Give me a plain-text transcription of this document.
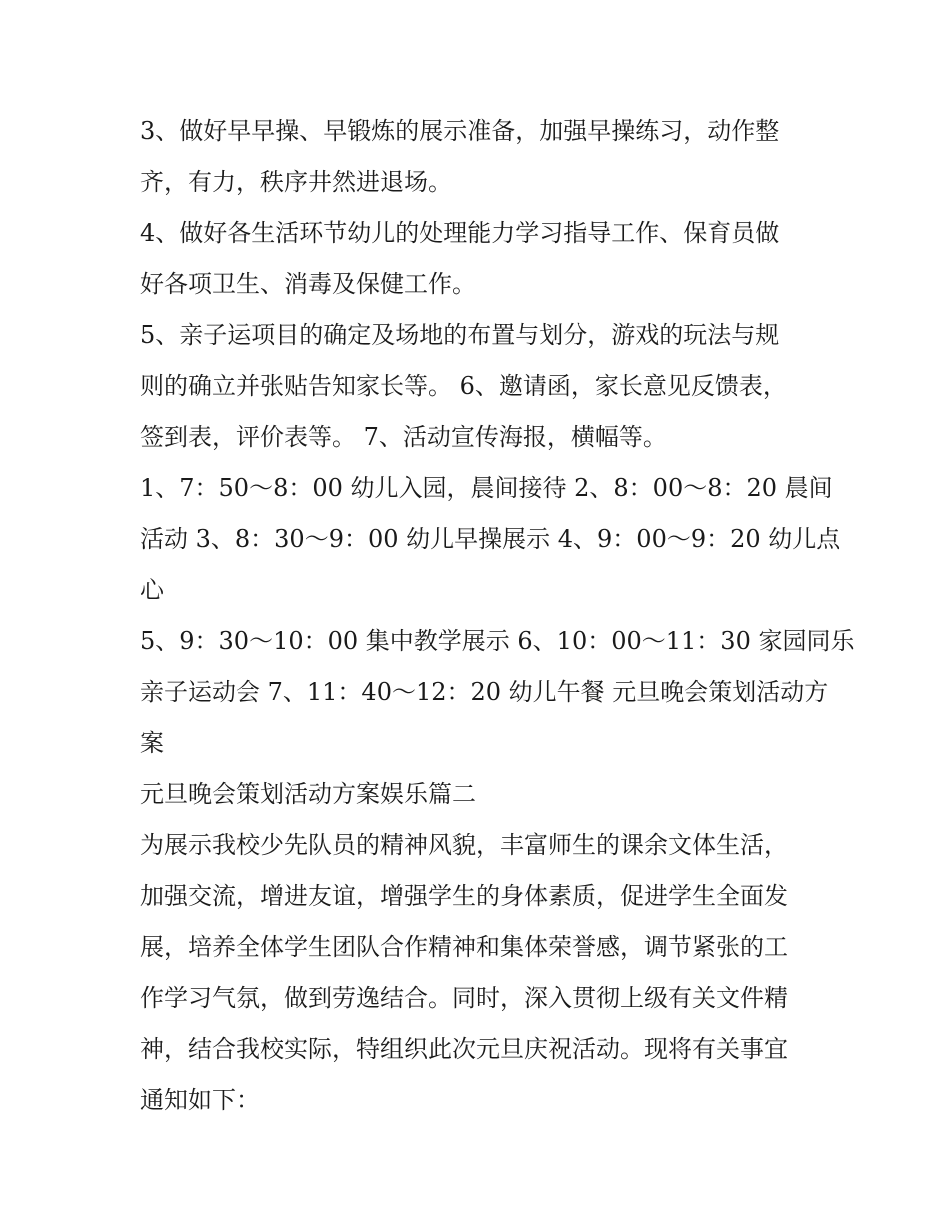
3、做好早早操、早锻炼的展示准备，加强早操练习，动作整
齐，有力，秩序井然进退场。
4、做好各生活环节幼儿的处理能力学习指导工作、保育员做
好各项卫生、消毒及保健工作。
5、亲子运项目的确定及场地的布置与划分，游戏的玩法与规
则的确立并张贴告知家长等。 6、邀请函，家长意见反馈表，
签到表，评价表等。 7、活动宣传海报，横幅等。
1、7：50～8：00 幼儿入园，晨间接待 2、8：00～8：20 晨间
活动 3、8：30～9：00 幼儿早操展示 4、9：00～9：20 幼儿点
心
5、9：30～10：00 集中教学展示 6、10：00～11：30 家园同乐
亲子运动会 7、11：40～12：20 幼儿午餐 元旦晚会策划活动方
案
元旦晚会策划活动方案娱乐篇二
为展示我校少先队员的精神风貌，丰富师生的课余文体生活，
加强交流，增进友谊，增强学生的身体素质，促进学生全面发
展，培养全体学生团队合作精神和集体荣誉感，调节紧张的工
作学习气氛，做到劳逸结合。同时，深入贯彻上级有关文件精
神，结合我校实际，特组织此次元旦庆祝活动。现将有关事宜
通知如下：
